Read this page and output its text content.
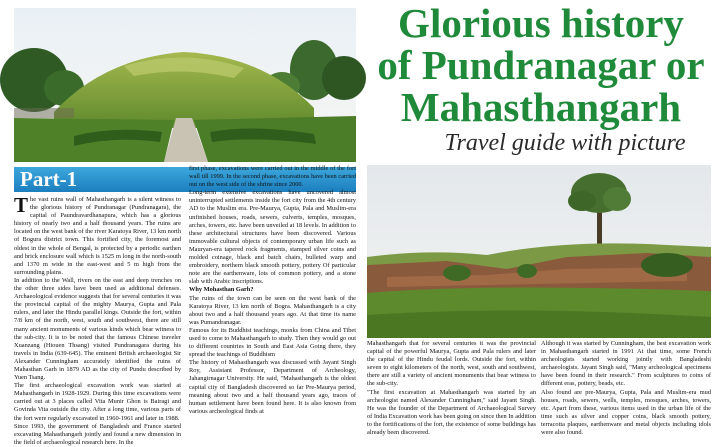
Glorious history
of Pundranagar or
Mahasthangarh
Travel guide with picture
Part-1
T he vast ruins wall of Mahasthangarh is a silent witness to the glorious history of Pundranagar (Pundranagara), the capital of Paundravardhanapura, which has a glorious history of nearly two and a half thousand years. The ruins are located on the west bank of the river Karatoya River, 13 km north of Bogura district town. This fortified city, the foremost and oldest in the whole of Bengal, is protected by a periodic earthen and brick enclosure wall which is 1525 m long in the north-south and 1370 m wide in the east-west and 5 m high from the surrounding plains.

In addition to the Wall, rivers on the east and deep trenches on the other three sides have been used as additional defenses. Archaeological evidence suggests that for several centuries it was the provincial capital of the mighty Maurya, Gupta and Pala rulers, and later the Hindu parallel kings. Outside the fort, within 7/8 km of the north, west, south and southwest, there are still many ancient monuments of various kinds which bear witness to the sub-city. It is to be noted that the famous Chinese traveler Xuanzang (Hiouen Thsang) visited Pundranagara during his travels in India (639-645). The eminent British archaeologist Sir Alexander Cunningham accurately identified the ruins of Mahasthan Garh in 1879 AD as the city of Pundu described by Yuen Tsang.

The first archaeological excavation work was started at Mahasthangarh in 1928-1929. During this time excavations were carried out at 3 places called Vita Munir Ghon is Bairagi and Govinda Vita outside the city. After a long time, various parts of the fort were regularly excavated in 1960-1961 and later in 1988.

Since 1993, the government of Bangladesh and France started excavating Mahasthangarh jointly and found a new dimension in the field of archaeological research here. In the

first phase, excavations were carried out in the middle of the fort wall till 1999. In the second phase, excavations have been carried out on the west side of the shrine since 2000.

Long-term extensive excavations have uncovered almost uninterrupted settlements inside the fort city from the 4th century AD to the Muslim era. Pre-Maurya, Gupta, Pala and Muslim-era unfinished houses, roads, sewers, culverts, temples, mosques, arches, towers, etc. have been unveiled at 18 levels. In addition to these architectural structures have been discovered. Various immovable cultural objects of contemporary urban life such as Mauryan-era tapered rock fragments, stamped silver coins and molded coinage, black and batch chairs, bulleted warp and embroidery, northern black smooth pottery, pottery Of particular note are the earthenware, lots of common pottery, and a stone slab with Arabic inscriptions.

Why Mohasthan Garh?

The ruins of the town can be seen on the west bank of the Karatoya River, 13 km north of Bogra. Mahasthangarh is a city about two and a half thousand years ago. At that time its name was Pumandranagar.

Famous for its Buddhist teachings, monks from China and Tibet used to come to Mahasthangarh to study. Then they would go out to different countries in South and East Asia Going there, they spread the teachings of Buddhism

The history of Mahasthangarh was discussed with Jayant Singh Roy, Assistant Professor, Department of Archeology, Jahangirnagar University. He said, "Mahasthangarh is the oldest capital city of Bangladesh discovered so far Pre-Maurya period, meaning about two and a half thousand years ago, traces of human settlement have been found here. It is also known from various archeological finds at

Mahasthangarh that for several centuries it was the provincial capital of the powerful Maurya, Gupta and Pala rulers and later the capital of the Hindu feudal lords. Outside the fort, within seven to eight kilometers of the north, west, south and southwest, there are still a variety of ancient monuments that bear witness to the sub-city.

"The first excavation at Mahasthangarh was started by an archeologist named Alexander Cunningham," said Jayant Singh. He was the founder of the Department of Archaeological Survey of India Excavation work has been going on since then In addition to the fortifications of the fort, the existence of some buildings has already been discovered.

Although it was started by Cunningham, the best excavation work in Mahasthangarh started in 1991 At that time, some French archeologists started working jointly with Bangladeshi archaeologists. Jayant Singh said, "Many archeological specimens have been found in their research." From sculptures to coins of different eras, pottery, beads, etc.

Also found are pre-Maurya, Gupta, Pala and Muslim-era mud houses, roads, sewers, wells, temples, mosques, arches, towers, etc. Apart from these, various items used in the urban life of the time such as silver and copper coins, black smooth pottery, terracotta plaques, earthenware and metal objects including idols were also found.
